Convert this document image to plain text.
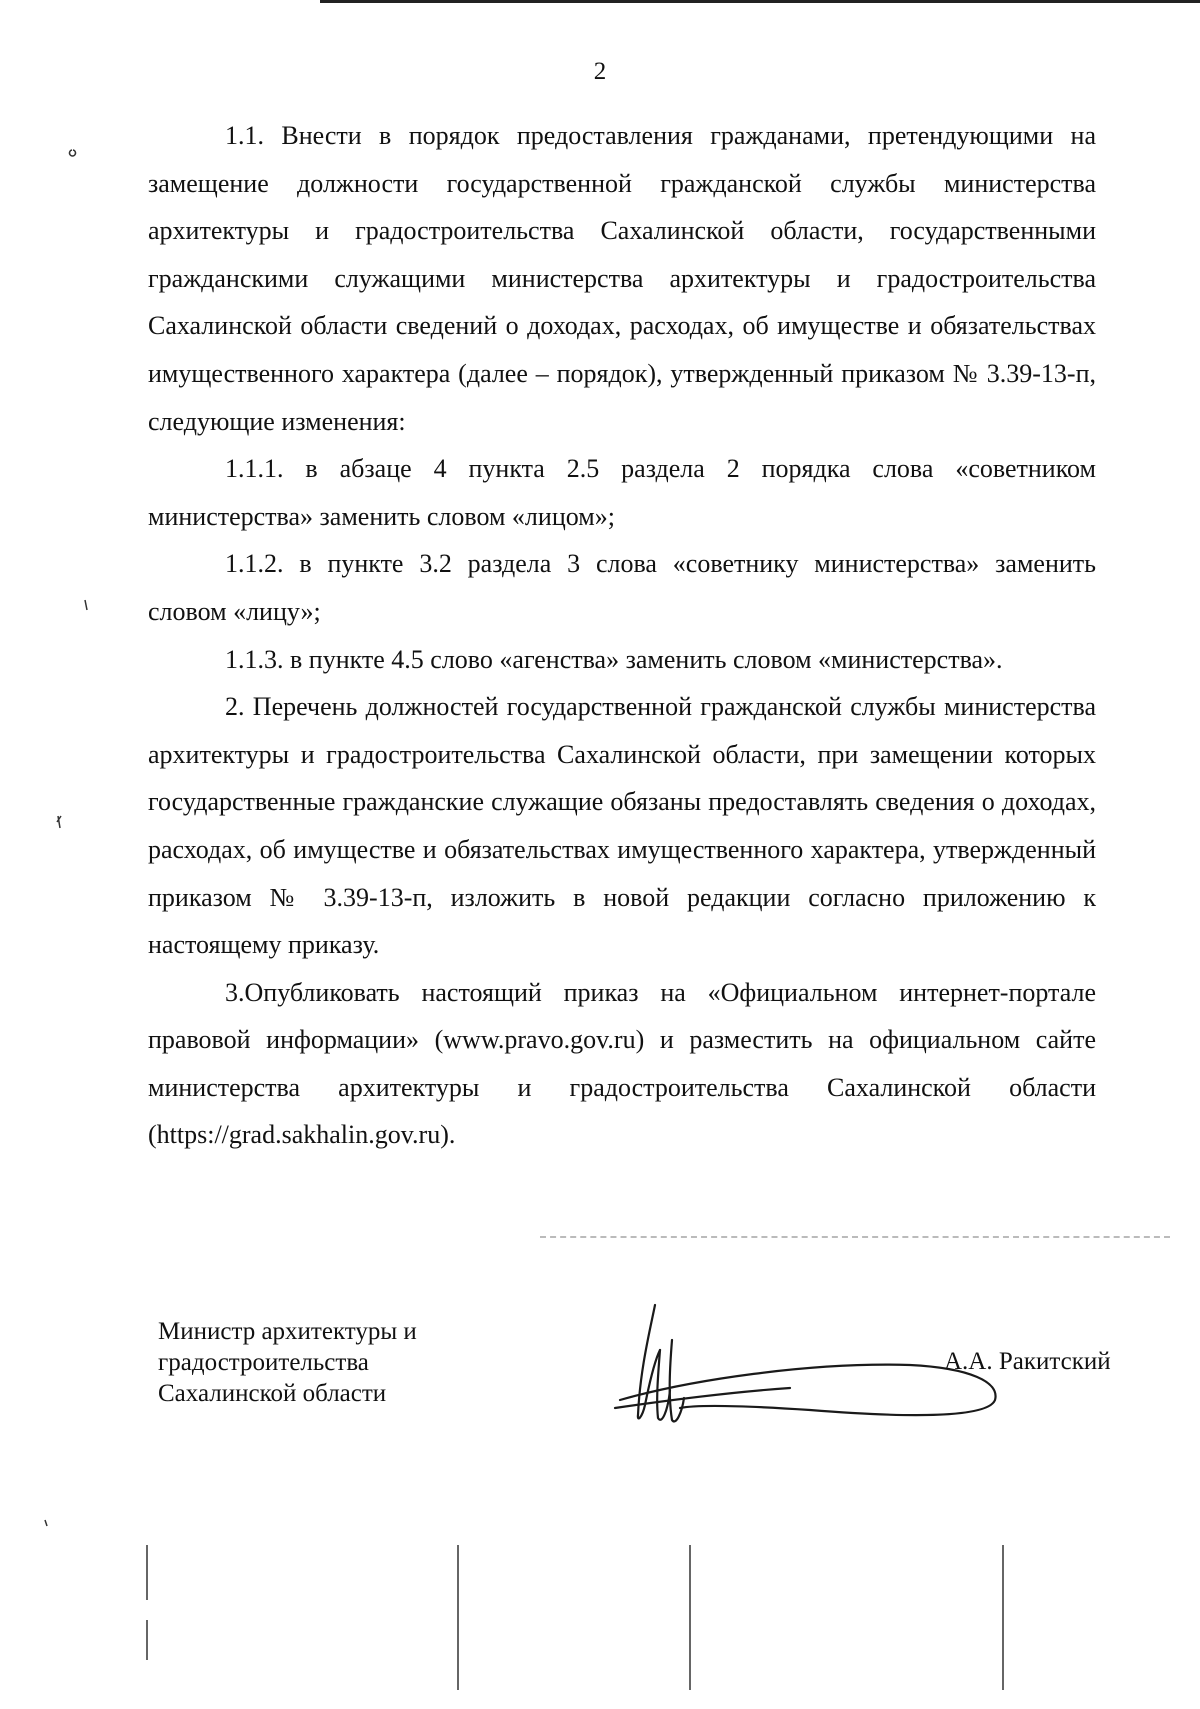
2

1.1. Внести в порядок предоставления гражданами, претендующими на замещение должности государственной гражданской службы министерства архитектуры и градостроительства Сахалинской области, государственными гражданскими служащими министерства архитектуры и градостроительства Сахалинской области сведений о доходах, расходах, об имуществе и обязательствах имущественного характера (далее – порядок), утвержденный приказом № 3.39-13-п, следующие изменения:

1.1.1. в абзаце 4 пункта 2.5 раздела 2 порядка слова «советником министерства» заменить словом «лицом»;

1.1.2. в пункте 3.2 раздела 3 слова «советнику министерства» заменить словом «лицу»;

1.1.3. в пункте 4.5 слово «агенства» заменить словом «министерства».

2. Перечень должностей государственной гражданской службы министерства архитектуры и градостроительства Сахалинской области, при замещении которых государственные гражданские служащие обязаны предоставлять сведения о доходах, расходах, об имуществе и обязательствах имущественного характера, утвержденный приказом № 3.39-13-п, изложить в новой редакции согласно приложению к настоящему приказу.

3.Опубликовать настоящий приказ на «Официальном интернет-портале правовой информации» (www.pravo.gov.ru) и разместить на официальном сайте министерства архитектуры и градостроительства Сахалинской области (https://grad.sakhalin.gov.ru).

Министр архитектуры и
градостроительства
Сахалинской области
А.А. Ракитский
